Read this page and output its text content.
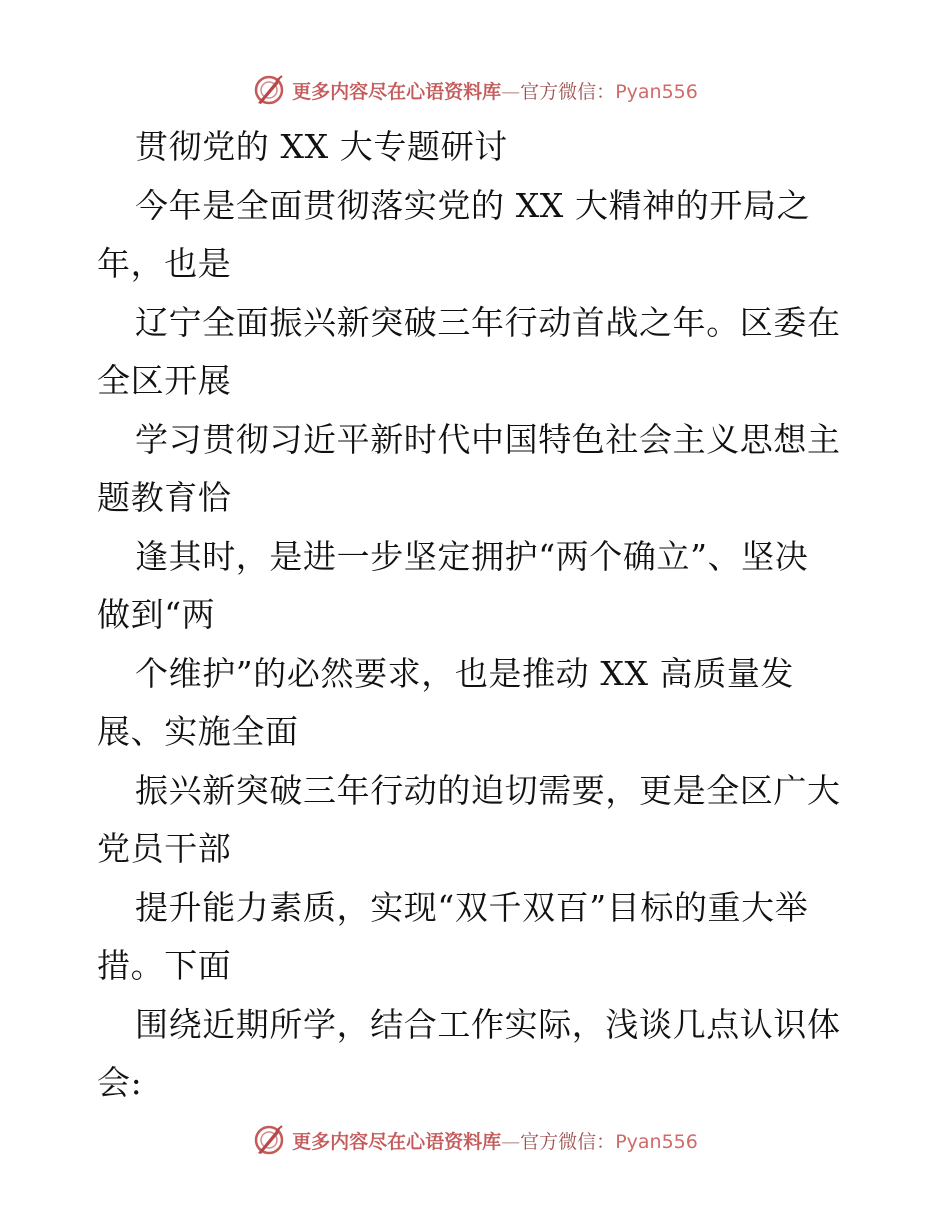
更多内容尽在心语资料库—官方微信：Pyan556
贯彻党的 XX 大专题研讨
今年是全面贯彻落实党的 XX 大精神的开局之
年，也是
辽宁全面振兴新突破三年行动首战之年。区委在
全区开展
学习贯彻习近平新时代中国特色社会主义思想主
题教育恰
逢其时，是进一步坚定拥护“两个确立”、坚决
做到“两
个维护”的必然要求，也是推动 XX 高质量发
展、实施全面
振兴新突破三年行动的迫切需要，更是全区广大
党员干部
提升能力素质，实现“双千双百”目标的重大举
措。下面
围绕近期所学，结合工作实际，浅谈几点认识体
会:
更多内容尽在心语资料库—官方微信：Pyan556
